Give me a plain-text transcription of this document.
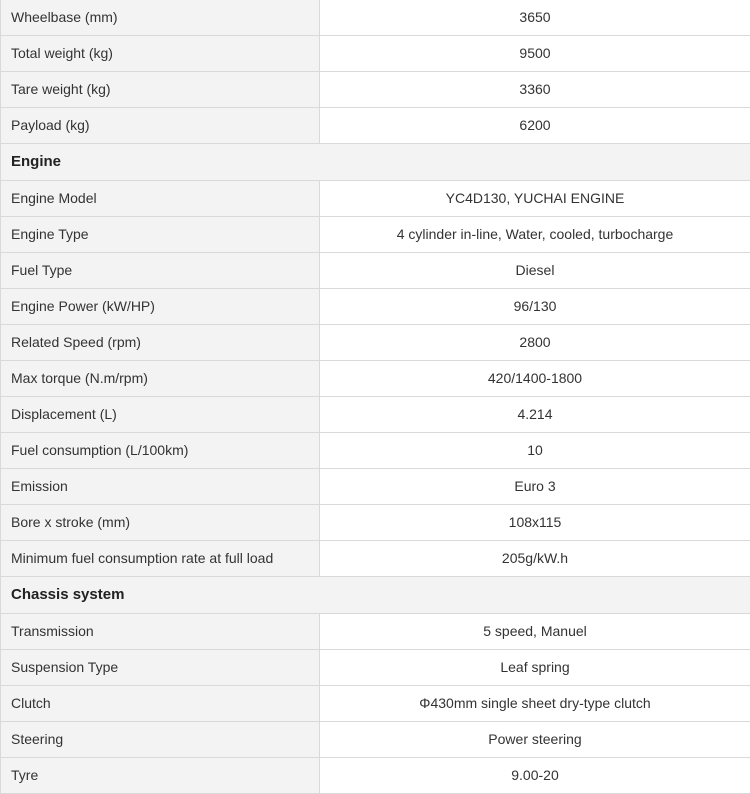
Wheelbase (mm)	3650
Total weight (kg)	9500
Tare weight (kg)	3360
Payload (kg)	6200
Engine	
Engine Model	YC4D130, YUCHAI ENGINE
Engine Type	4 cylinder in-line, Water, cooled, turbocharge
Fuel Type	Diesel
Engine Power (kW/HP)	96/130
Related Speed (rpm)	2800
Max torque (N.m/rpm)	420/1400-1800
Displacement (L)	4.214
Fuel consumption (L/100km)	10
Emission	Euro 3
Bore x stroke (mm)	108x115
Minimum fuel consumption rate at full load	205g/kW.h
Chassis system	
Transmission	5 speed, Manuel
Suspension Type	Leaf spring
Clutch	Φ430mm single sheet dry-type clutch
Steering	Power steering
Tyre	9.00-20
